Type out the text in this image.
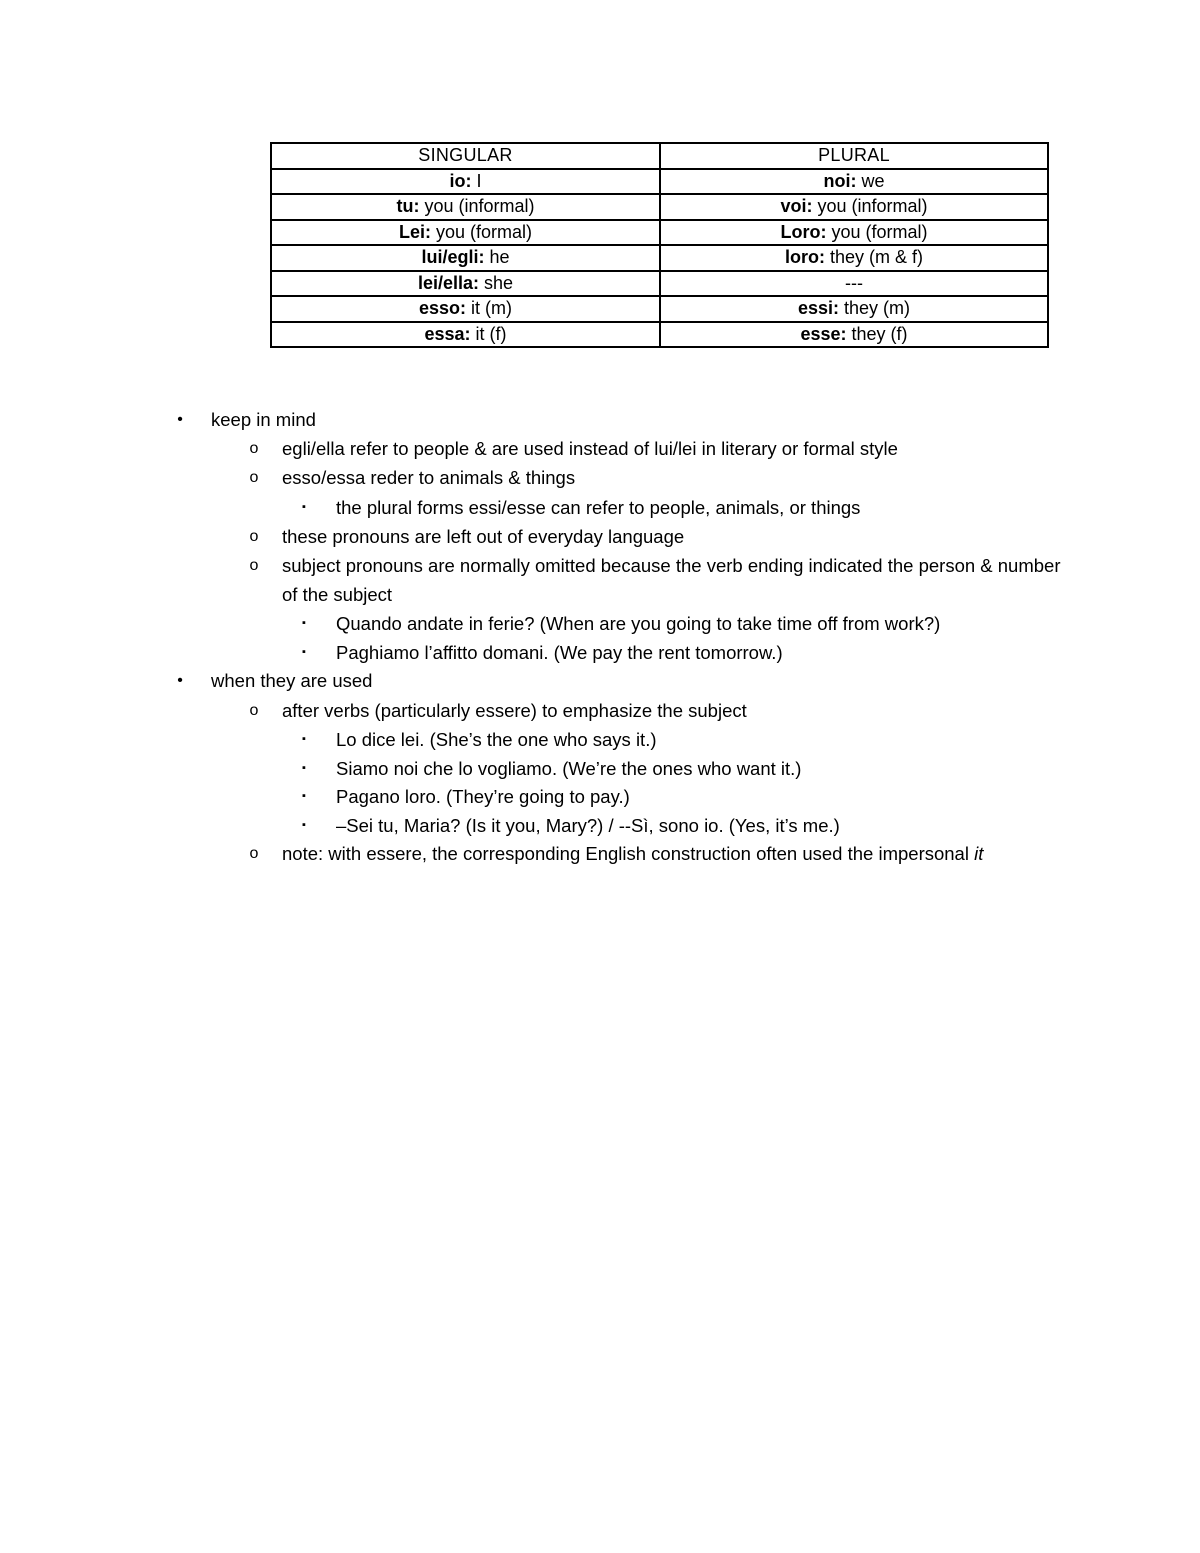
SINGULAR	PLURAL
io: I	noi: we
tu: you (informal)	voi: you (informal)
Lei: you (formal)	Loro: you (formal)
lui/egli: he	loro: they (m & f)
lei/ella: she	---
esso: it (m)	essi: they (m)
essa: it (f)	esse: they (f)
• keep in mind
o egli/ella refer to people & are used instead of lui/lei in literary or formal style
o esso/essa reder to animals & things
▪ the plural forms essi/esse can refer to people, animals, or things
o these pronouns are left out of everyday language
o subject pronouns are normally omitted because the verb ending indicated the person & number of the subject
▪ Quando andate in ferie? (When are you going to take time off from work?)
▪ Paghiamo l’affitto domani. (We pay the rent tomorrow.)
• when they are used
o after verbs (particularly essere) to emphasize the subject
▪ Lo dice lei. (She’s the one who says it.)
▪ Siamo noi che lo vogliamo. (We’re the ones who want it.)
▪ Pagano loro. (They’re going to pay.)
▪ –Sei tu, Maria? (Is it you, Mary?) / --Sì, sono io. (Yes, it’s me.)
o note: with essere, the corresponding English construction often used the impersonal it
